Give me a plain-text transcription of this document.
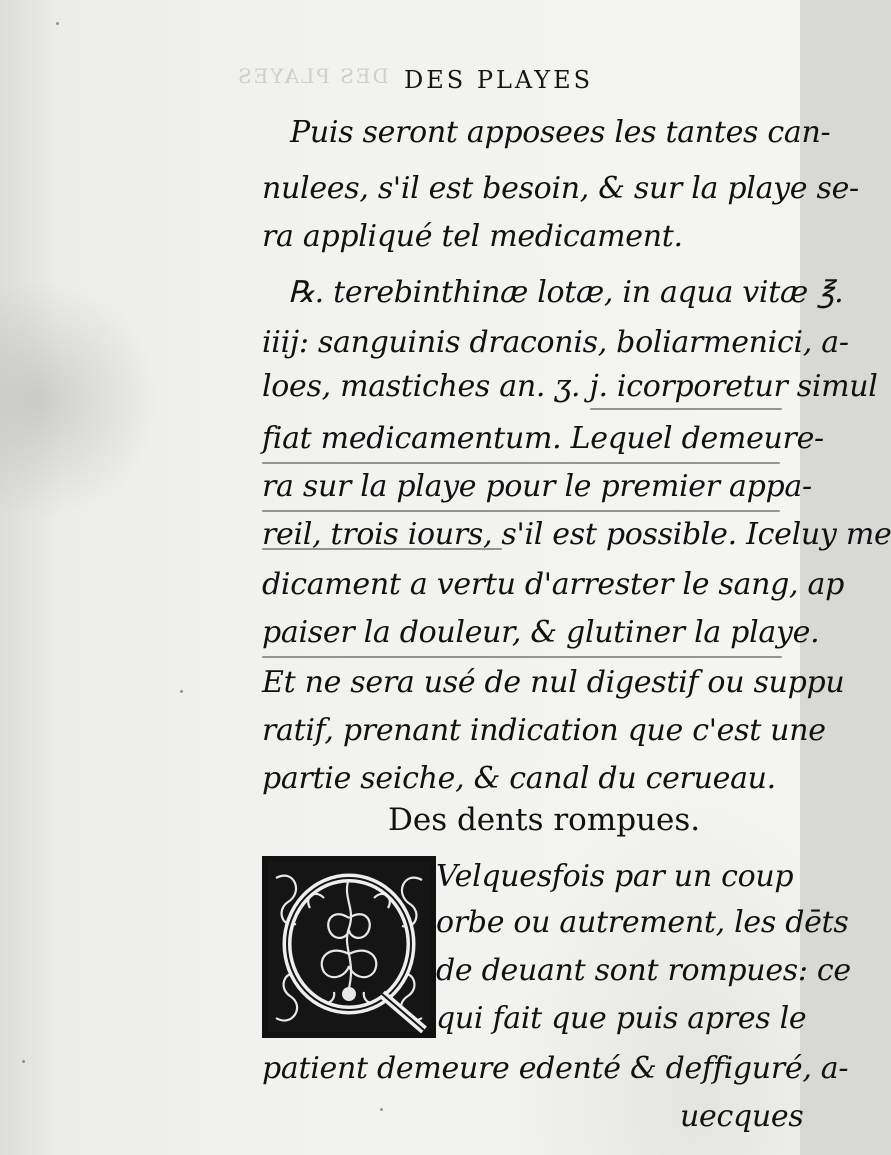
DES PLAYES DES PLAYES

Puis seront apposees les tantes can-

nulees, s'il est besoin, & sur la playe se-

ra appliqué tel medicament.

℞. terebinthinæ lotæ, in aqua vitæ ℥.

iiij: sanguinis draconis, boliarmenici, a-

loes, mastiches an. ʒ. j. icorporetur simul

fiat medicamentum. Lequel demeure-

ra sur la playe pour le premier appa-

reil, trois iours, s'il est possible. Iceluy me

dicament a vertu d'arrester le sang, ap

paiser la douleur, & glutiner la playe.

Et ne sera usé de nul digestif ou suppu

ratif, prenant indication que c'est une

partie seiche, & canal du cerueau.

Des dents rompues.

Velquesfois par un coup

orbe ou autrement, les dēts

de deuant sont rompues: ce

qui fait que puis apres le

patient demeure edenté & deffiguré, a-

uecques
